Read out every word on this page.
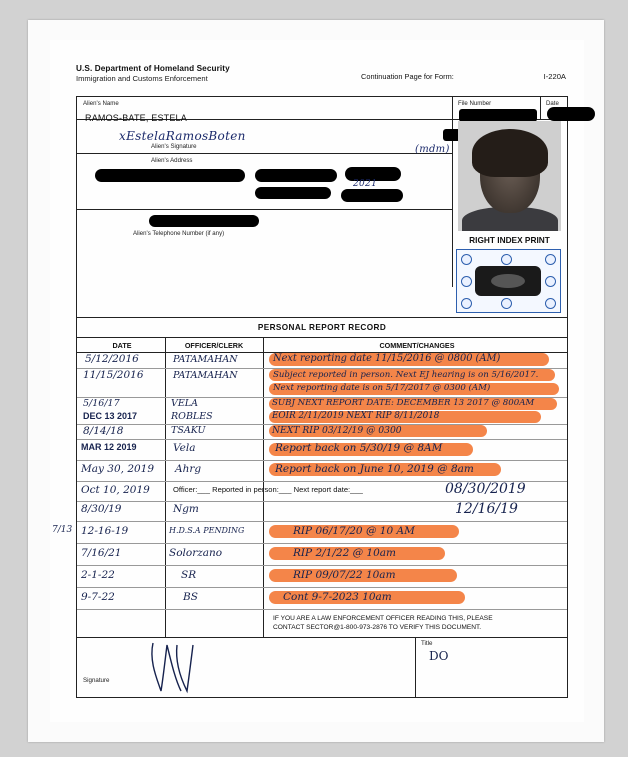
U.S. Department of Homeland Security
Immigration and Customs Enforcement	Continuation Page for Form:	I-220A
Alien's Name	File Number	Date
RAMOS-BATE, ESTELA
xEstelaRamosBoten
Alien's Signature	(mdm)
Alien's Address
2021
Alien's Telephone Number (if any)
RIGHT INDEX PRINT
PERSONAL REPORT RECORD
DATE	OFFICER/CLERK	COMMENT/CHANGES
5/12/2016	PATAMAHAN	Next reporting date 11/15/2016 @ 0800 (AM)
11/15/2016	PATAMAHAN	Subject reported in person. Next EJ hearing is on 5/16/2017. Next reporting date is on 5/17/2017 @ 0300 (AM)
5/16/17	VELA	SUBJ NEXT REPORT DATE: DECEMBER 13 2017 @ 800AM
DEC 13 2017	ROBLES	EOIR 2/11/2019 NEXT RIP 8/11/2018
8/14/18	TSAKU	NEXT RIP 03/12/19 @ 0300
MAR 12 2019	Vela	Report back on 5/30/19 @ 8AM
May 30, 2019 Ahrg	Report back on June 10, 2019 @ 8am
Oct 10, 2019	Officer:___ Reported in person:___ Next report date:___	08/30/2019
8/30/19	Ngm	12/16/19
12-16-19	H.D.S.A PENDING	RIP 06/17/20 @ 10 AM
7/16/21	Solorzano	RIP 2/1/22 @ 10am
2-1-22	SR	RIP 09/07/22 10am
9-7-22	BS	Cont 9-7-2023 10am
IF YOU ARE A LAW ENFORCEMENT OFFICER READING THIS, PLEASE
CONTACT SECTOR@1-800-973-2876 TO VERIFY THIS DOCUMENT.
Signature
Title
DO
7/13
